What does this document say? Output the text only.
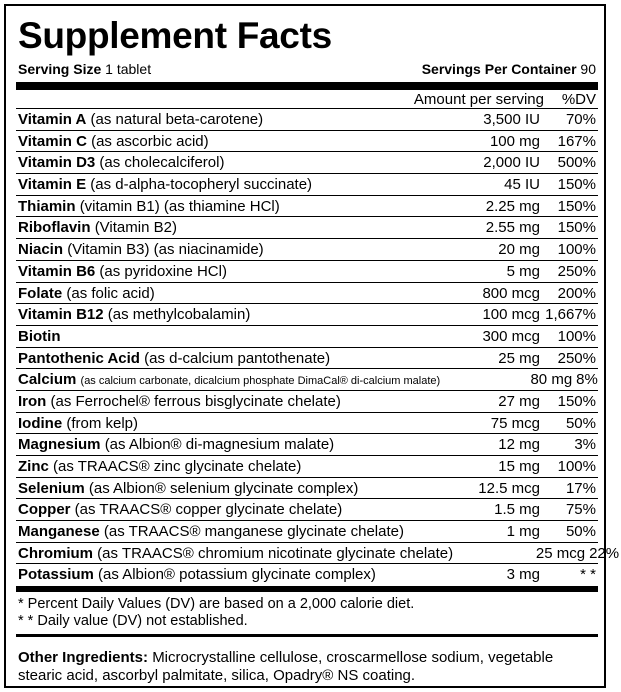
Supplement Facts
Serving Size 1 tablet	Servings Per Container 90
Amount per serving	%DV
Vitamin A (as natural beta-carotene)	3,500 IU	70%
Vitamin C (as ascorbic acid)	100 mg	167%
Vitamin D3 (as cholecalciferol)	2,000 IU	500%
Vitamin E (as d-alpha-tocopheryl succinate)	45 IU	150%
Thiamin (vitamin B1) (as thiamine HCl)	2.25 mg	150%
Riboflavin (Vitamin B2)	2.55 mg	150%
Niacin (Vitamin B3) (as niacinamide)	20 mg	100%
Vitamin B6 (as pyridoxine HCl)	5 mg	250%
Folate (as folic acid)	800 mcg	200%
Vitamin B12 (as methylcobalamin)	100 mcg 1,667%
Biotin	300 mcg	100%
Pantothenic Acid (as d-calcium pantothenate)	25 mg	250%
Calcium (as calcium carbonate, dicalcium phosphate DimaCal® di-calcium malate)	80 mg 8%
Iron (as Ferrochel® ferrous bisglycinate chelate)	27 mg	150%
Iodine (from kelp)	75 mcg	50%
Magnesium (as Albion® di-magnesium malate)	12 mg	3%
Zinc (as TRAACS® zinc glycinate chelate)	15 mg	100%
Selenium (as Albion® selenium glycinate complex)	12.5 mcg	17%
Copper (as TRAACS® copper glycinate chelate)	1.5 mg	75%
Manganese (as TRAACS® manganese glycinate chelate)	1 mg	50%
Chromium (as TRAACS® chromium nicotinate glycinate chelate)	25 mcg 22%
Potassium (as Albion® potassium glycinate complex)	3 mg	* *
* Percent Daily Values (DV) are based on a 2,000 calorie diet.
* * Daily value (DV) not established.
Other Ingredients: Microcrystalline cellulose, croscarmellose sodium, vegetable stearic acid, ascorbyl palmitate, silica, Opadry® NS coating.
